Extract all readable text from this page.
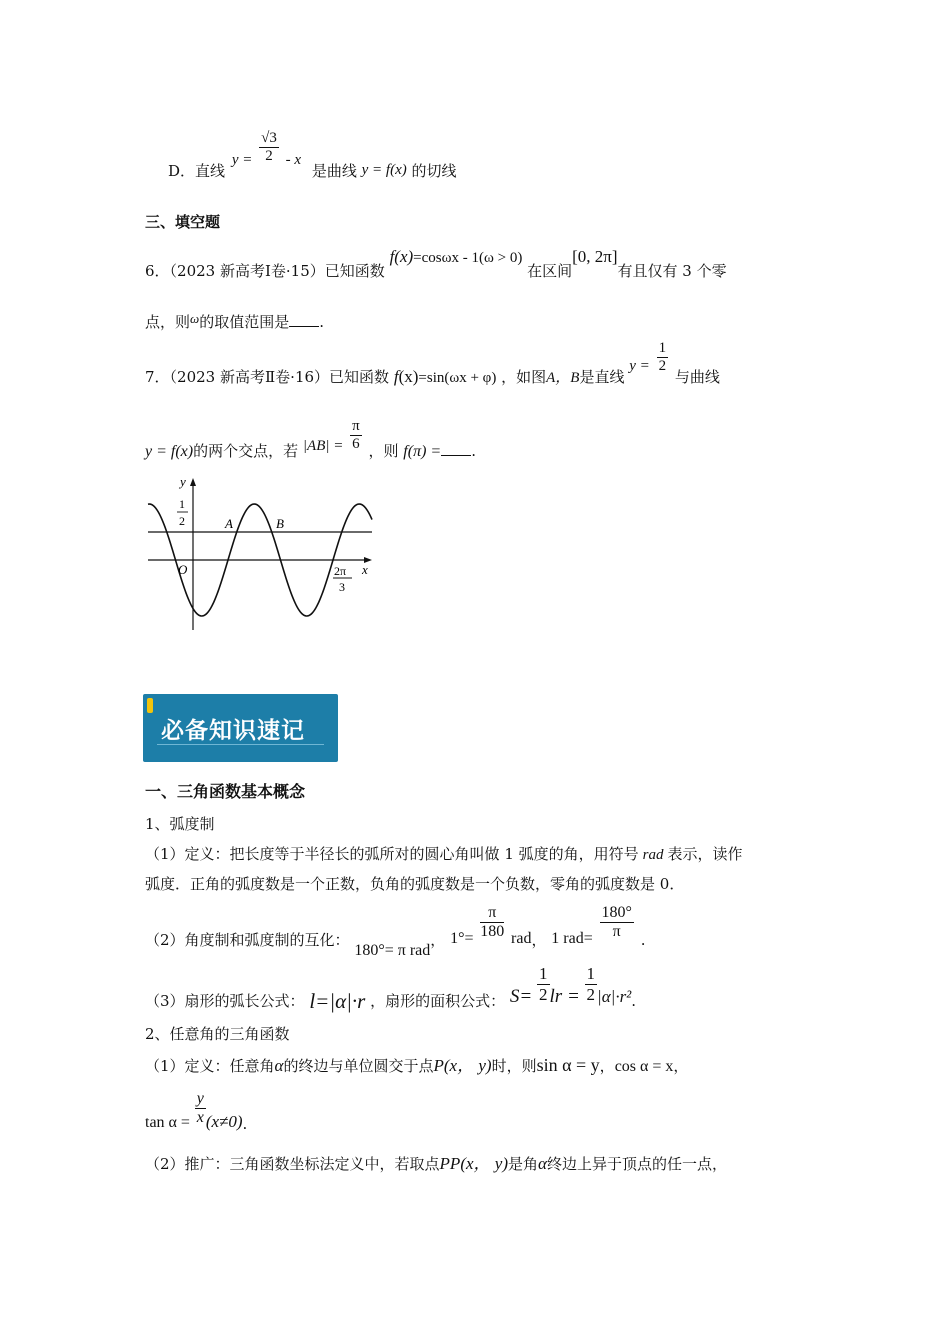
D．直线 $y = \frac{√3}{2} - x$ 是曲线 y = f(x) 的切线
三、填空题
6．（2023 新高考Ⅰ卷·15）已知函数 f(x)=cosωx - 1(ω > 0) 在区间[0, 2π]有且仅有 3 个零
点，则ω的取值范围是 .
7．（2023 新高考Ⅱ卷·16）已知函数 f(x)=sin(ωx + φ) ，如图A，B是直线 $y = \frac{1}{2}$
与曲线
y = f(x)的两个交点，若 $|AB| = \frac{\pi}{6}$ ，则 f(π) = .
y
x
O
1
2	A	B
2π
3
必备知识速记
一、三角函数基本概念
1、弧度制
（1）定义：把长度等于半径长的弧所对的圆心角叫做 1 弧度的角，用符号 rad 表示，读作
弧度．正角的弧度数是一个正数，负角的弧度数是一个负数，零角的弧度数是 0．
（2）角度制和弧度制的互化： 180°= π rad， $1^\circ= \frac{\pi}{180}$ rad， 1 $rad= \frac{180^\circ}{\pi}$ .
（3）扇形的弧长公式： l=|α|·r ，扇形的面积公式： $S= \frac{1}{2}$ lr = $\frac{1}{2} |\alpha|\cdot r^2$.
2、任意角的三角函数
（1）定义：任意角α的终边与单位圆交于点P(x， y)时，则sin α = y，cos α = x，
$\tan \alpha = \frac{y}{x} (x\ne 0)$.
（2）推广：三角函数坐标法定义中，若取点PP(x， y)是角α终边上异于顶点的任一点，
